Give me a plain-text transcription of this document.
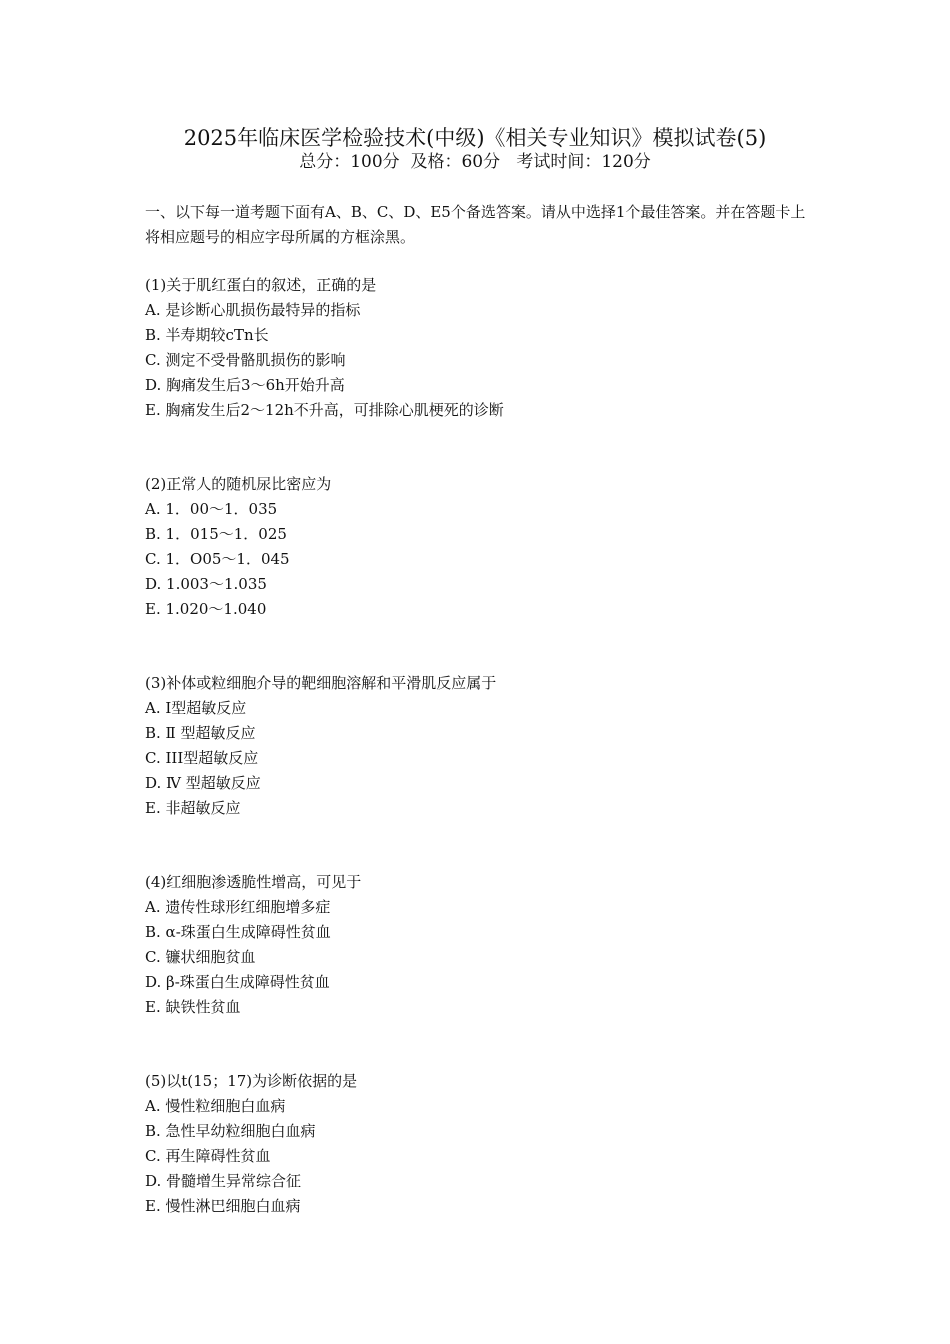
2025年临床医学检验技术(中级)《相关专业知识》模拟试卷(5)
总分：100分  及格：60分   考试时间：120分
一、以下每一道考题下面有A、B、C、D、E5个备选答案。请从中选择1个最佳答案。并在答题卡上将相应题号的相应字母所属的方框涂黑。
(1)关于肌红蛋白的叙述，正确的是
A. 是诊断心肌损伤最特异的指标
B. 半寿期较cTn长
C. 测定不受骨骼肌损伤的影响
D. 胸痛发生后3～6h开始升高
E. 胸痛发生后2～12h不升高，可排除心肌梗死的诊断
(2)正常人的随机尿比密应为
A. 1．00～1．035
B. 1．015～1．025
C. 1．O05～1．045
D. 1.003～1.035
E. 1.020～1.040
(3)补体或粒细胞介导的靶细胞溶解和平滑肌反应属于
A. I型超敏反应
B. Ⅱ 型超敏反应
C. III型超敏反应
D. Ⅳ 型超敏反应
E. 非超敏反应
(4)红细胞渗透脆性增高，可见于
A. 遗传性球形红细胞增多症
B. α-珠蛋白生成障碍性贫血
C. 镰状细胞贫血
D. β-珠蛋白生成障碍性贫血
E. 缺铁性贫血
(5)以t(15；17)为诊断依据的是
A. 慢性粒细胞白血病
B. 急性早幼粒细胞白血病
C. 再生障碍性贫血
D. 骨髓增生异常综合征
E. 慢性淋巴细胞白血病
